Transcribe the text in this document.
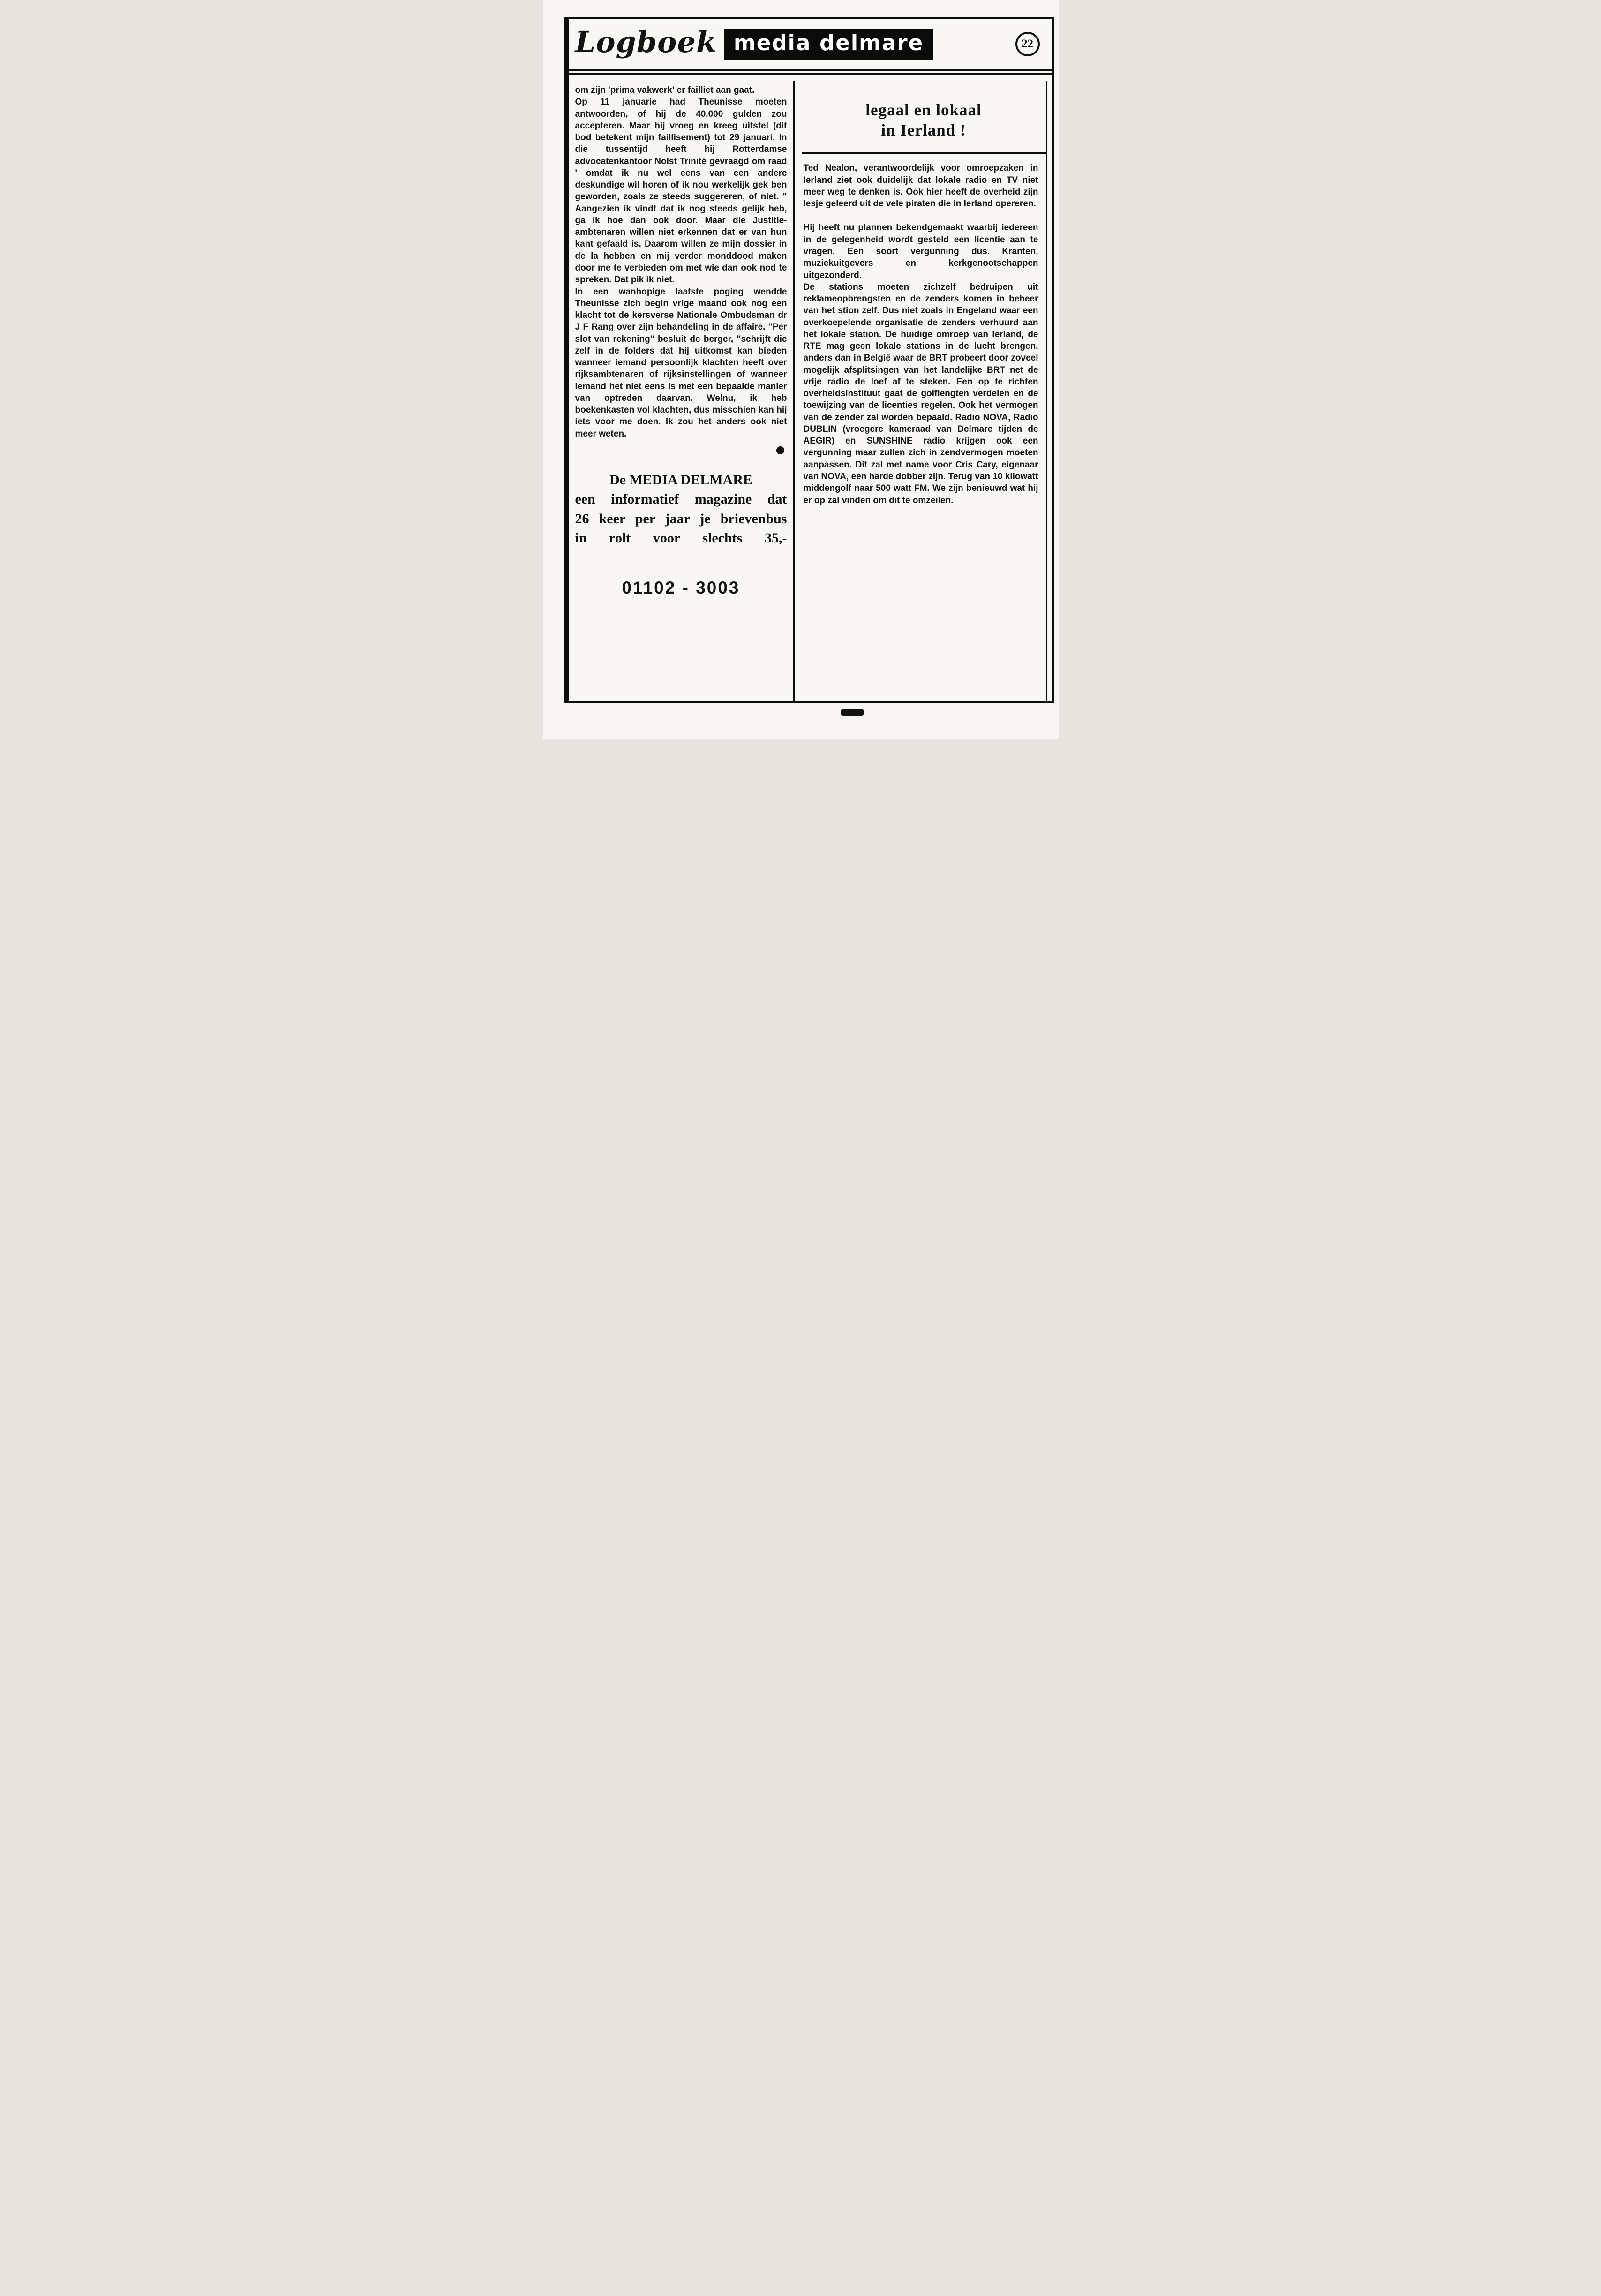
Logboek media delmare	22

om zijn 'prima vakwerk' er failliet aan gaat.

Op 11 januarie had Theunisse moeten antwoorden, of hij de 40.000 gulden zou accepteren. Maar hij vroeg en kreeg uitstel (dit bod betekent mijn faillisement) tot 29 januari. In die tussentijd heeft hij Rotterdamse advocatenkantoor Nolst Trinité gevraagd om raad ' omdat ik nu wel eens van een andere deskundige wil horen of ik nou werkelijk gek ben geworden, zoals ze steeds suggereren, of niet. " Aangezien ik vindt dat ik nog steeds gelijk heb, ga ik hoe dan ook door. Maar die Justitie-ambtenaren willen niet erkennen dat er van hun kant gefaald is. Daarom willen ze mijn dossier in de la hebben en mij verder monddood maken door me te verbieden om met wie dan ook nod te spreken. Dat pik ik niet.

In een wanhopige laatste poging wendde Theunisse zich begin vrige maand ook nog een klacht tot de kersverse Nationale Ombudsman dr J F Rang over zijn behandeling in de affaire. "Per slot van rekening" besluit de berger, "schrijft die zelf in de folders dat hij uitkomst kan bieden wanneer iemand persoonlijk klachten heeft over rijksambtenaren of rijksinstellingen of wanneer iemand het niet eens is met een bepaalde manier van optreden daarvan. Welnu, ik heb boekenkasten vol klachten, dus misschien kan hij iets voor me doen. Ik zou het anders ook niet meer weten.

De MEDIA DELMARE
een informatief magazine dat
26 keer per jaar je brievenbus
in rolt voor slechts 35,-
01102 - 3003
legaal en lokaal
in Ierland !

Ted Nealon, verantwoordelijk voor omroepzaken in Ierland ziet ook duidelijk dat lokale radio en TV niet meer weg te denken is. Ook hier heeft de overheid zijn lesje geleerd uit de vele piraten die in Ierland opereren.

Hij heeft nu plannen bekendgemaakt waarbij iedereen in de gelegenheid wordt gesteld een licentie aan te vragen. Een soort vergunning dus. Kranten, muziekuitgevers en kerkgenootschappen uitgezonderd.

De stations moeten zichzelf bedruipen uit reklameopbrengsten en de zenders komen in beheer van het stion zelf. Dus niet zoals in Engeland waar een overkoepelende organisatie de zenders verhuurd aan het lokale station. De huidige omroep van Ierland, de RTE mag geen lokale stations in de lucht brengen, anders dan in België waar de BRT probeert door zoveel mogelijk afsplitsingen van het landelijke BRT net de vrije radio de loef af te steken. Een op te richten overheidsinstituut gaat de golflengten verdelen en de toewijzing van de licenties regelen. Ook het vermogen van de zender zal worden bepaald. Radio NOVA, Radio DUBLIN (vroegere kameraad van Delmare tijden de AEGIR) en SUNSHINE radio krijgen ook een vergunning maar zullen zich in zendvermogen moeten aanpassen. Dit zal met name voor Cris Cary, eigenaar van NOVA, een harde dobber zijn. Terug van 10 kilowatt middengolf naar 500 watt FM. We zijn benieuwd wat hij er op zal vinden om dit te omzeilen.
